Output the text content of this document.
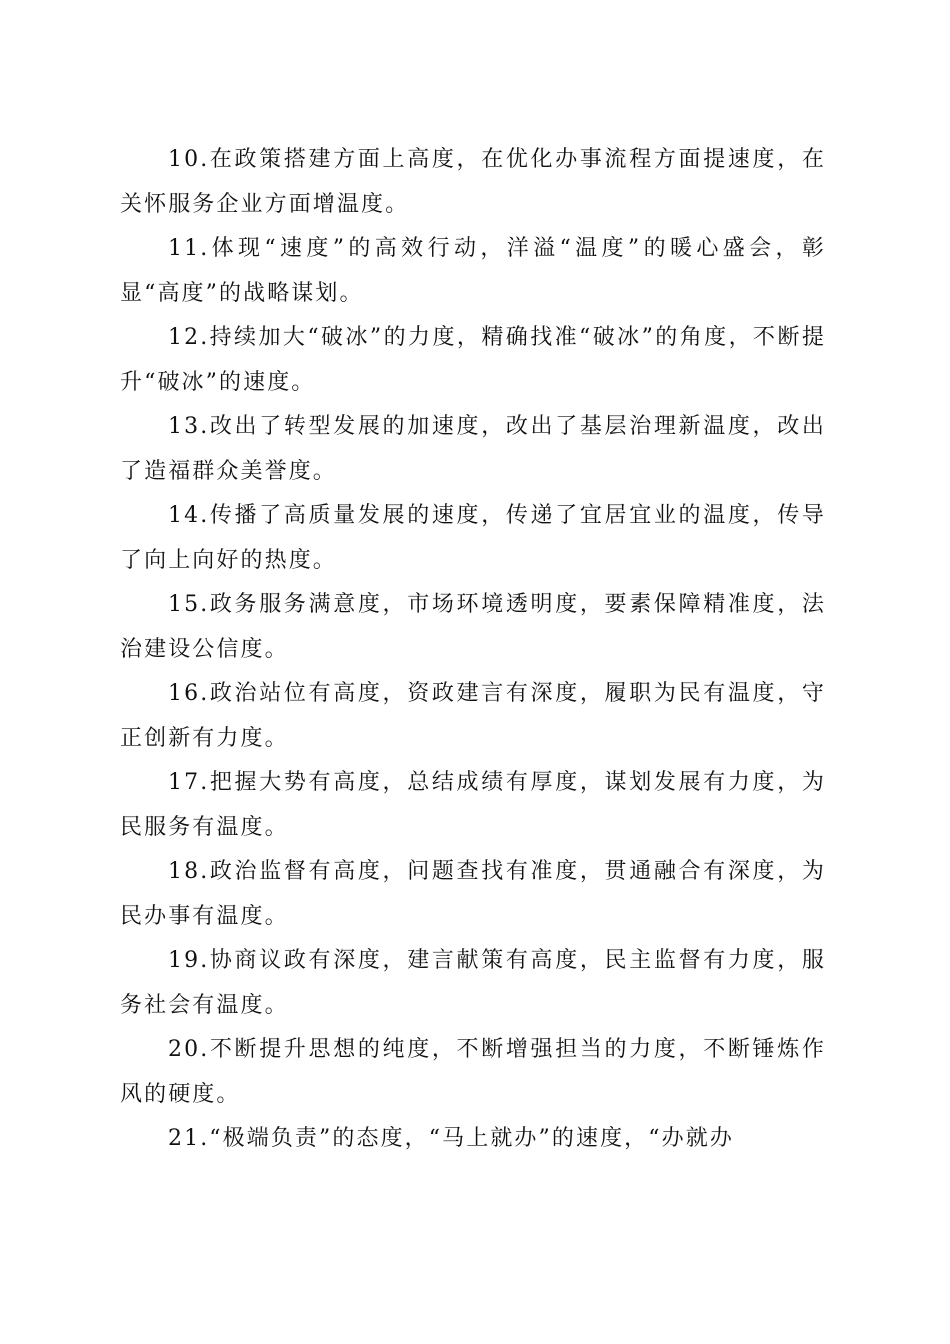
10.在政策搭建方面上高度，在优化办事流程方面提速度，在关怀服务企业方面增温度。

11.体现“速度”的高效行动，洋溢“温度”的暖心盛会，彰显“高度”的战略谋划。

12.持续加大“破冰”的力度，精确找准“破冰”的角度，不断提升“破冰”的速度。

13.改出了转型发展的加速度，改出了基层治理新温度，改出了造福群众美誉度。

14.传播了高质量发展的速度，传递了宜居宜业的温度，传导了向上向好的热度。

15.政务服务满意度，市场环境透明度，要素保障精准度，法治建设公信度。

16.政治站位有高度，资政建言有深度，履职为民有温度，守正创新有力度。

17.把握大势有高度，总结成绩有厚度，谋划发展有力度，为民服务有温度。

18.政治监督有高度，问题查找有准度，贯通融合有深度，为民办事有温度。

19.协商议政有深度，建言献策有高度，民主监督有力度，服务社会有温度。

20.不断提升思想的纯度，不断增强担当的力度，不断锤炼作风的硬度。

21.“极端负责”的态度，“马上就办”的速度，“办就办
